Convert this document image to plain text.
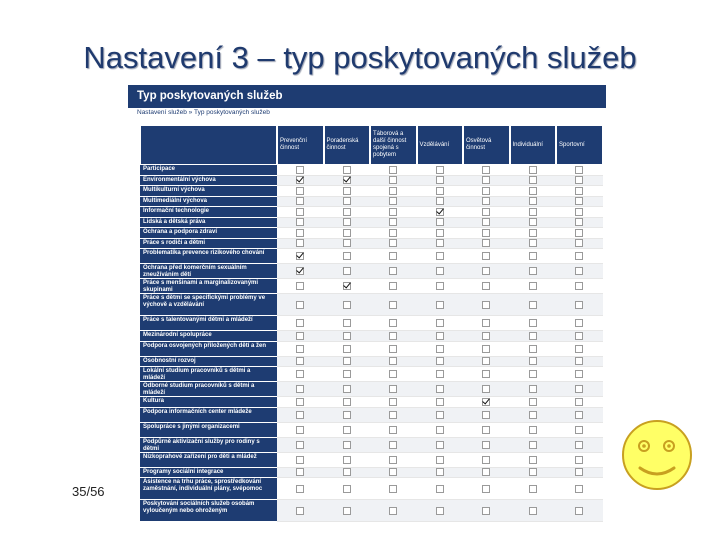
Nastavení 3 – typ poskytovaných služeb
35/56
Typ poskytovaných služeb
Nastavení služeb » Typ poskytovaných služeb
Prevenční činnost
Poradenská činnost
Táborová a další činnost spojená s pobytem
Vzdělávání
Osvětová činnost
Individuální	Sportovní
Participace
Environmentální výchova
Multikulturní výchova
Multimediální výchova
Informační technologie
Lidská a dětská práva
Ochrana a podpora zdraví
Práce s rodiči a dětmi
Problematika prevence rizikového chování
Ochrana před komerčním sexuálním zneužíváním dětí
Práce s menšinami a marginalizovanými skupinami
Práce s dětmi se specifickými problémy ve výchově a vzdělávání
Práce s talentovanými dětmi a mládeží
Mezinárodní spolupráce
Podpora osvojených přiložených dětí a žen
Osobnostní rozvoj
Lokální studium pracovníků s dětmi a mládeží
Odborné studium pracovníků s dětmi a mládeží
Kultura
Podpora informačních center mládeže
Spolupráce s jinými organizacemi
Podpůrně aktivizační služby pro rodiny s dětmi
Nízkoprahové zařízení pro děti a mládež
Programy sociální integrace
Asistence na trhu práce, sprostředkování zaměstnání, individuální plány, svépomoc
Poskytování sociálních služeb osobám vyloučeným nebo ohroženým
